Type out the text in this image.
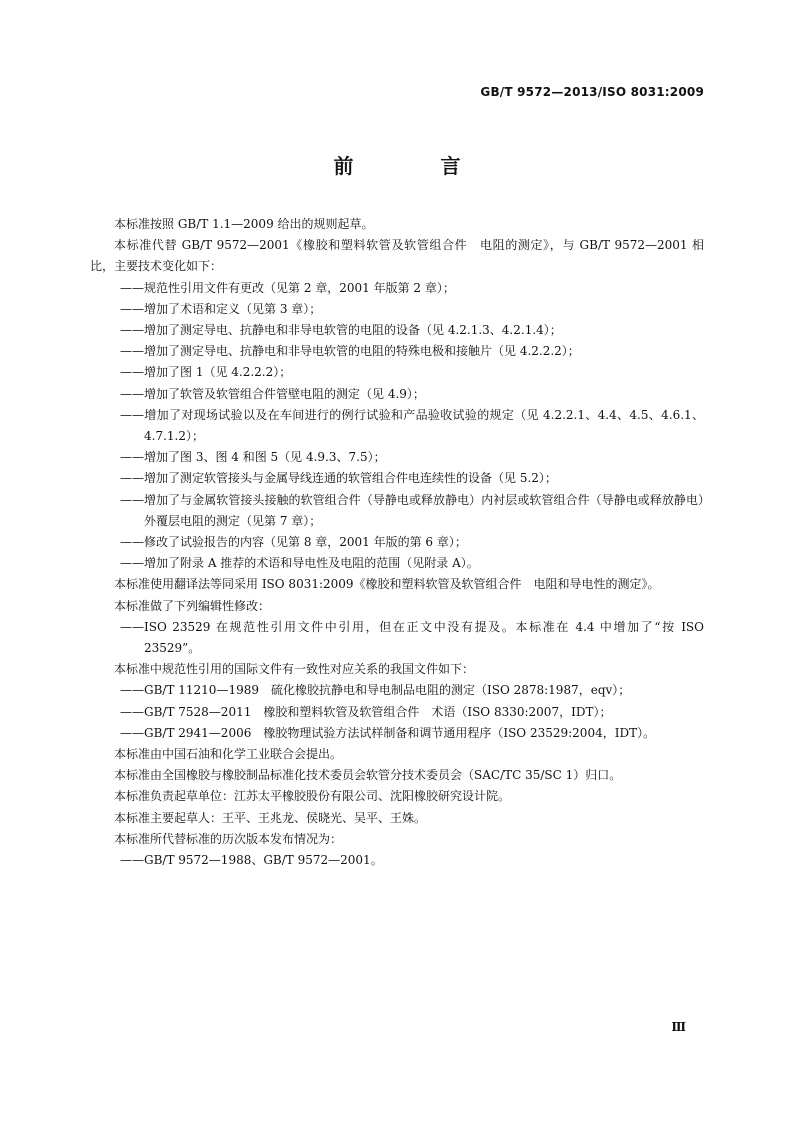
GB/T 9572—2013/ISO 8031:2009
前 言

本标准按照 GB/T 1.1—2009 给出的规则起草。

本标准代替 GB/T 9572—2001《橡胶和塑料软管及软管组合件　电阻的测定》，与 GB/T 9572—2001 相比，主要技术变化如下：

——规范性引用文件有更改（见第 2 章，2001 年版第 2 章）；

——增加了术语和定义（见第 3 章）；

——增加了测定导电、抗静电和非导电软管的电阻的设备（见 4.2.1.3、4.2.1.4）；

——增加了测定导电、抗静电和非导电软管的电阻的特殊电极和接触片（见 4.2.2.2）；

——增加了图 1（见 4.2.2.2）；

——增加了软管及软管组合件管壁电阻的测定（见 4.9）；

——增加了对现场试验以及在车间进行的例行试验和产品验收试验的规定（见 4.2.2.1、4.4、4.5、4.6.1、4.7.1.2）；

——增加了图 3、图 4 和图 5（见 4.9.3、7.5）；

——增加了测定软管接头与金属导线连通的软管组合件电连续性的设备（见 5.2）；

——增加了与金属软管接头接触的软管组合件（导静电或释放静电）内衬层或软管组合件（导静电或释放静电）外覆层电阻的测定（见第 7 章）；

——修改了试验报告的内容（见第 8 章，2001 年版的第 6 章）；

——增加了附录 A 推荐的术语和导电性及电阻的范围（见附录 A）。

本标准使用翻译法等同采用 ISO 8031:2009《橡胶和塑料软管及软管组合件　电阻和导电性的测定》。

本标准做了下列编辑性修改：

——ISO 23529 在规范性引用文件中引用，但在正文中没有提及。本标准在 4.4 中增加了“按 ISO 23529”。

本标准中规范性引用的国际文件有一致性对应关系的我国文件如下：

——GB/T 11210—1989　硫化橡胶抗静电和导电制品电阻的测定（ISO 2878:1987，eqv）；

——GB/T 7528—2011　橡胶和塑料软管及软管组合件　术语（ISO 8330:2007，IDT）；

——GB/T 2941—2006　橡胶物理试验方法试样制备和调节通用程序（ISO 23529:2004，IDT）。

本标准由中国石油和化学工业联合会提出。

本标准由全国橡胶与橡胶制品标准化技术委员会软管分技术委员会（SAC/TC 35/SC 1）归口。

本标准负责起草单位：江苏太平橡胶股份有限公司、沈阳橡胶研究设计院。

本标准主要起草人：王平、王兆龙、侯晓光、吴平、王姝。

本标准所代替标准的历次版本发布情况为：

——GB/T 9572—1988、GB/T 9572—2001。

Ⅲ
